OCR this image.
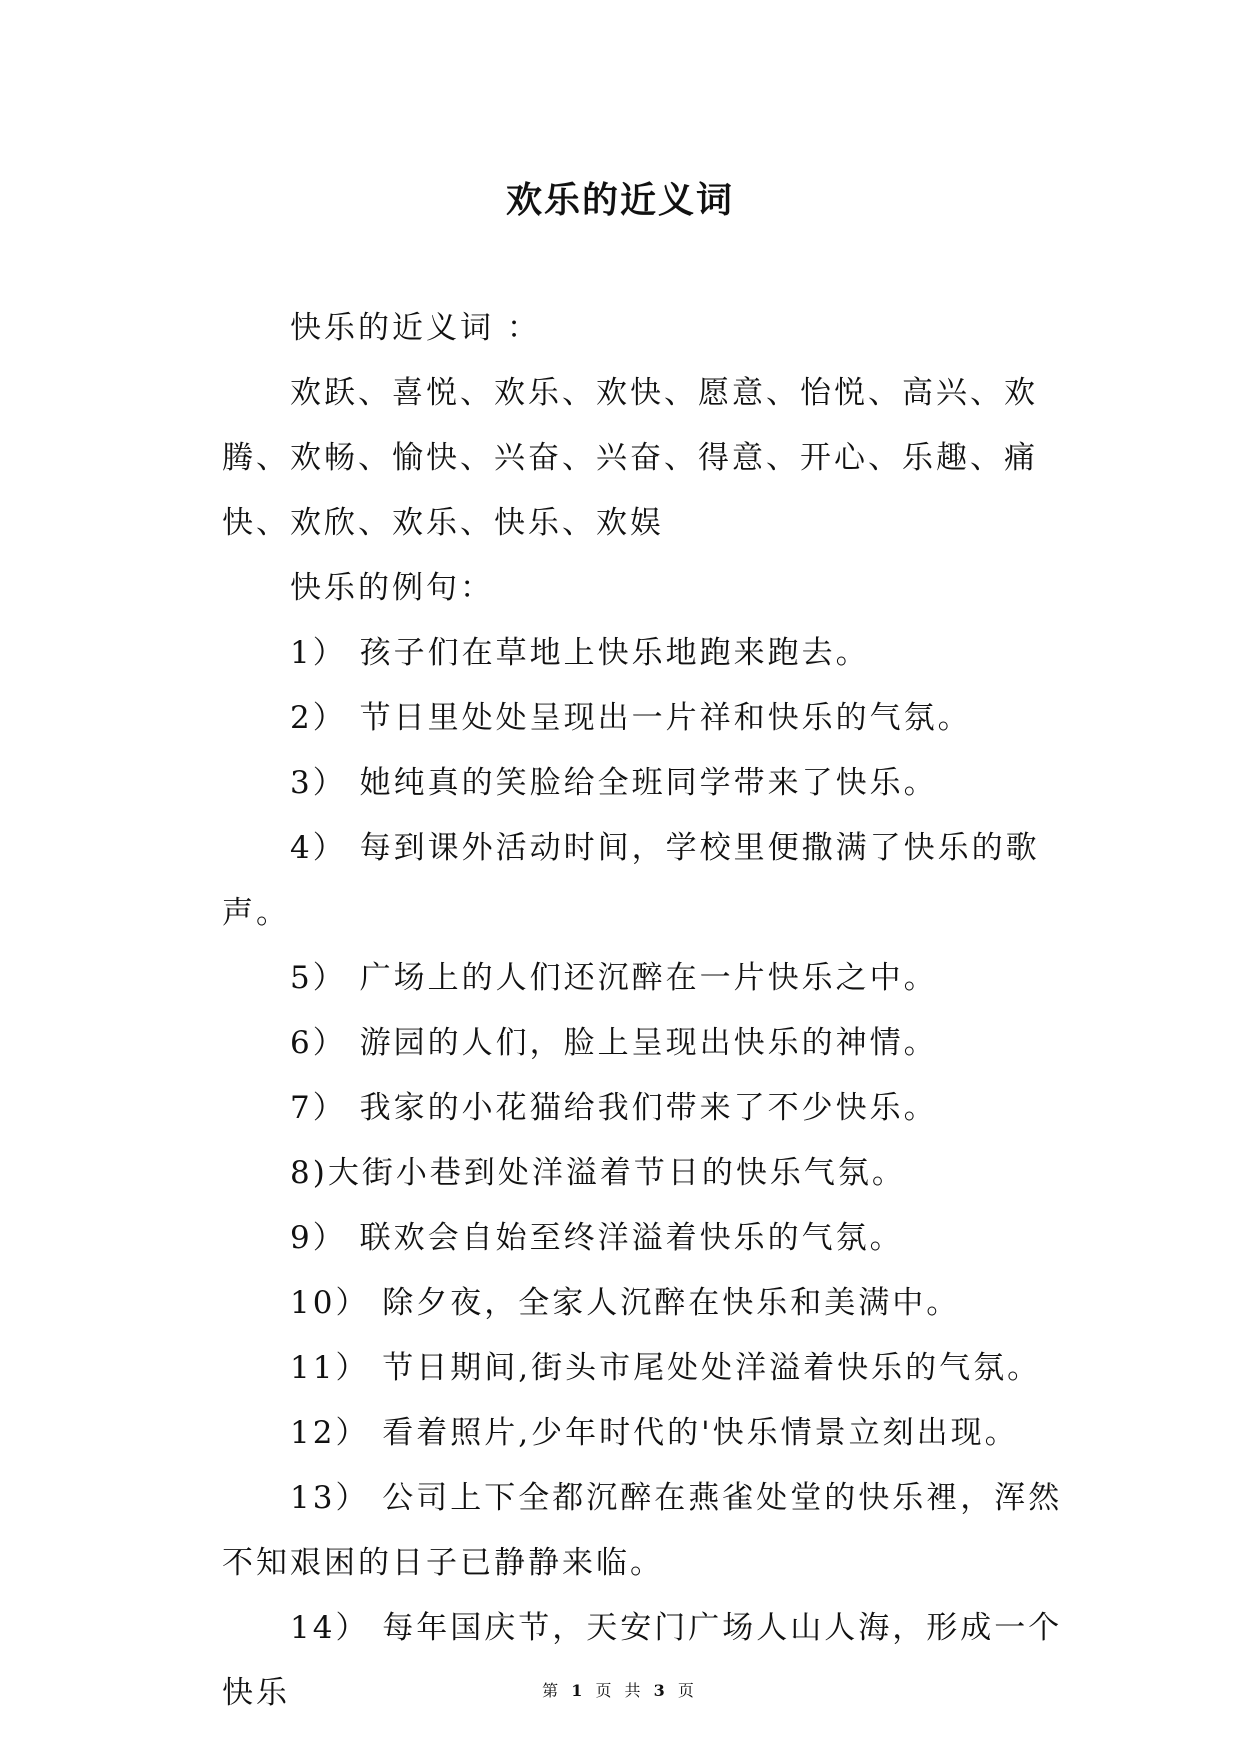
欢乐的近义词

快乐的近义词 ：

欢跃、喜悦、欢乐、欢快、愿意、怡悦、高兴、欢腾、欢畅、愉快、兴奋、兴奋、得意、开心、乐趣、痛快、欢欣、欢乐、快乐、欢娱

快乐的例句：

1） 孩子们在草地上快乐地跑来跑去。

2） 节日里处处呈现出一片祥和快乐的气氛。

3） 她纯真的笑脸给全班同学带来了快乐。

4） 每到课外活动时间，学校里便撒满了快乐的歌声。

5） 广场上的人们还沉醉在一片快乐之中。

6） 游园的人们，脸上呈现出快乐的神情。

7） 我家的小花猫给我们带来了不少快乐。

8)大街小巷到处洋溢着节日的快乐气氛。

9） 联欢会自始至终洋溢着快乐的气氛。

10） 除夕夜，全家人沉醉在快乐和美满中。

11） 节日期间,街头市尾处处洋溢着快乐的气氛。

12） 看着照片,少年时代的'快乐情景立刻出现。

13） 公司上下全都沉醉在燕雀处堂的快乐裡，浑然不知艰困的日子已静静来临。

14） 每年国庆节，天安门广场人山人海，形成一个快乐	第 1 页 共 3 页
